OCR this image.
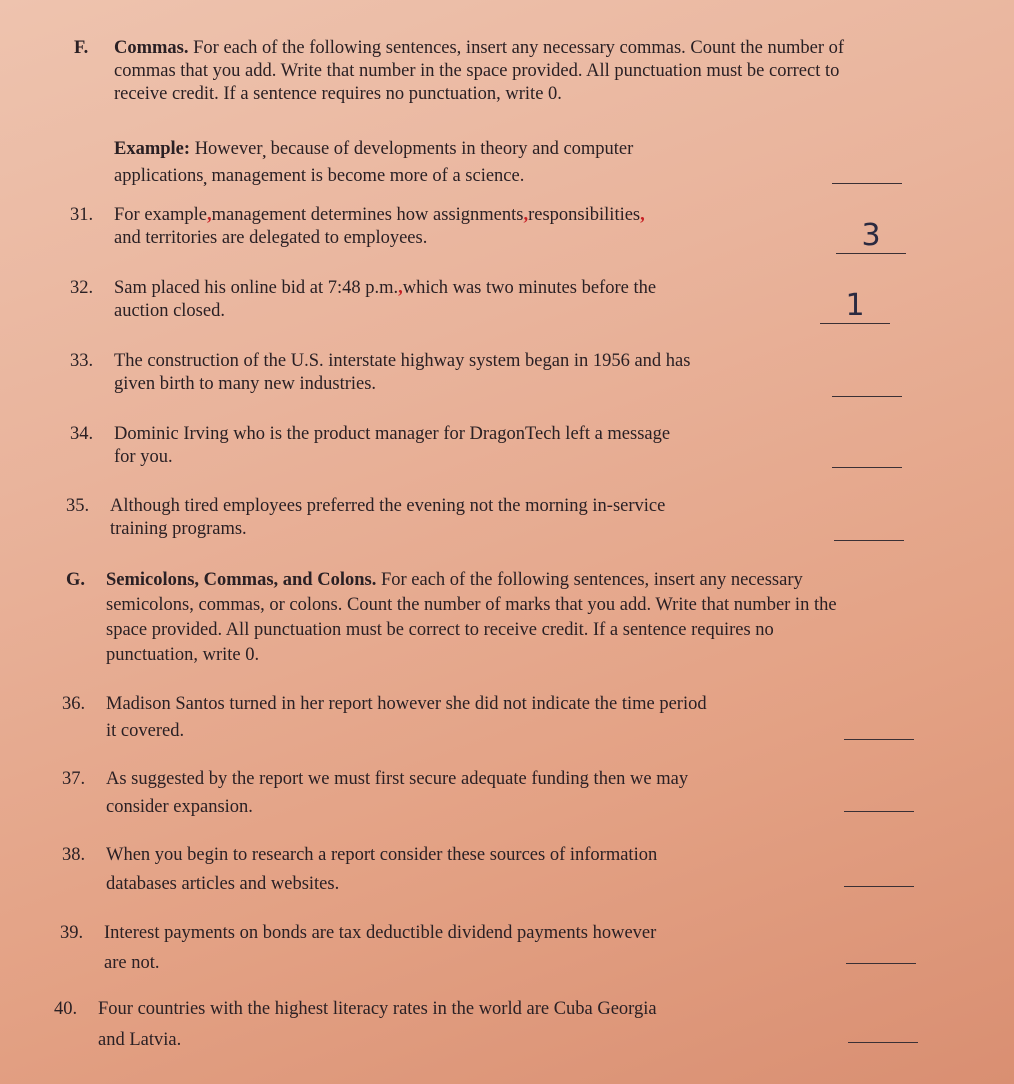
F. Commas. For each of the following sentences, insert any necessary commas. Count the number of
commas that you add. Write that number in the space provided. All punctuation must be correct to
receive credit. If a sentence requires no punctuation, write 0.
Example: However, because of developments in theory and computer
applications, management is become more of a science.
31. For example,management determines how assignments,responsibilities,
and territories are delegated to employees.	3
32. Sam placed his online bid at 7:48 p.m.,which was two minutes before the
auction closed.	1
33. The construction of the U.S. interstate highway system began in 1956 and has
given birth to many new industries.
34. Dominic Irving who is the product manager for DragonTech left a message
for you.
35. Although tired employees preferred the evening not the morning in-service
training programs.
G. Semicolons, Commas, and Colons. For each of the following sentences, insert any necessary
semicolons, commas, or colons. Count the number of marks that you add. Write that number in the
space provided. All punctuation must be correct to receive credit. If a sentence requires no
punctuation, write 0.
36. Madison Santos turned in her report however she did not indicate the time period
it covered.
37. As suggested by the report we must first secure adequate funding then we may
consider expansion.
38. When you begin to research a report consider these sources of information
databases articles and websites.
39. Interest payments on bonds are tax deductible dividend payments however
are not.
40. Four countries with the highest literacy rates in the world are Cuba Georgia
and Latvia.
